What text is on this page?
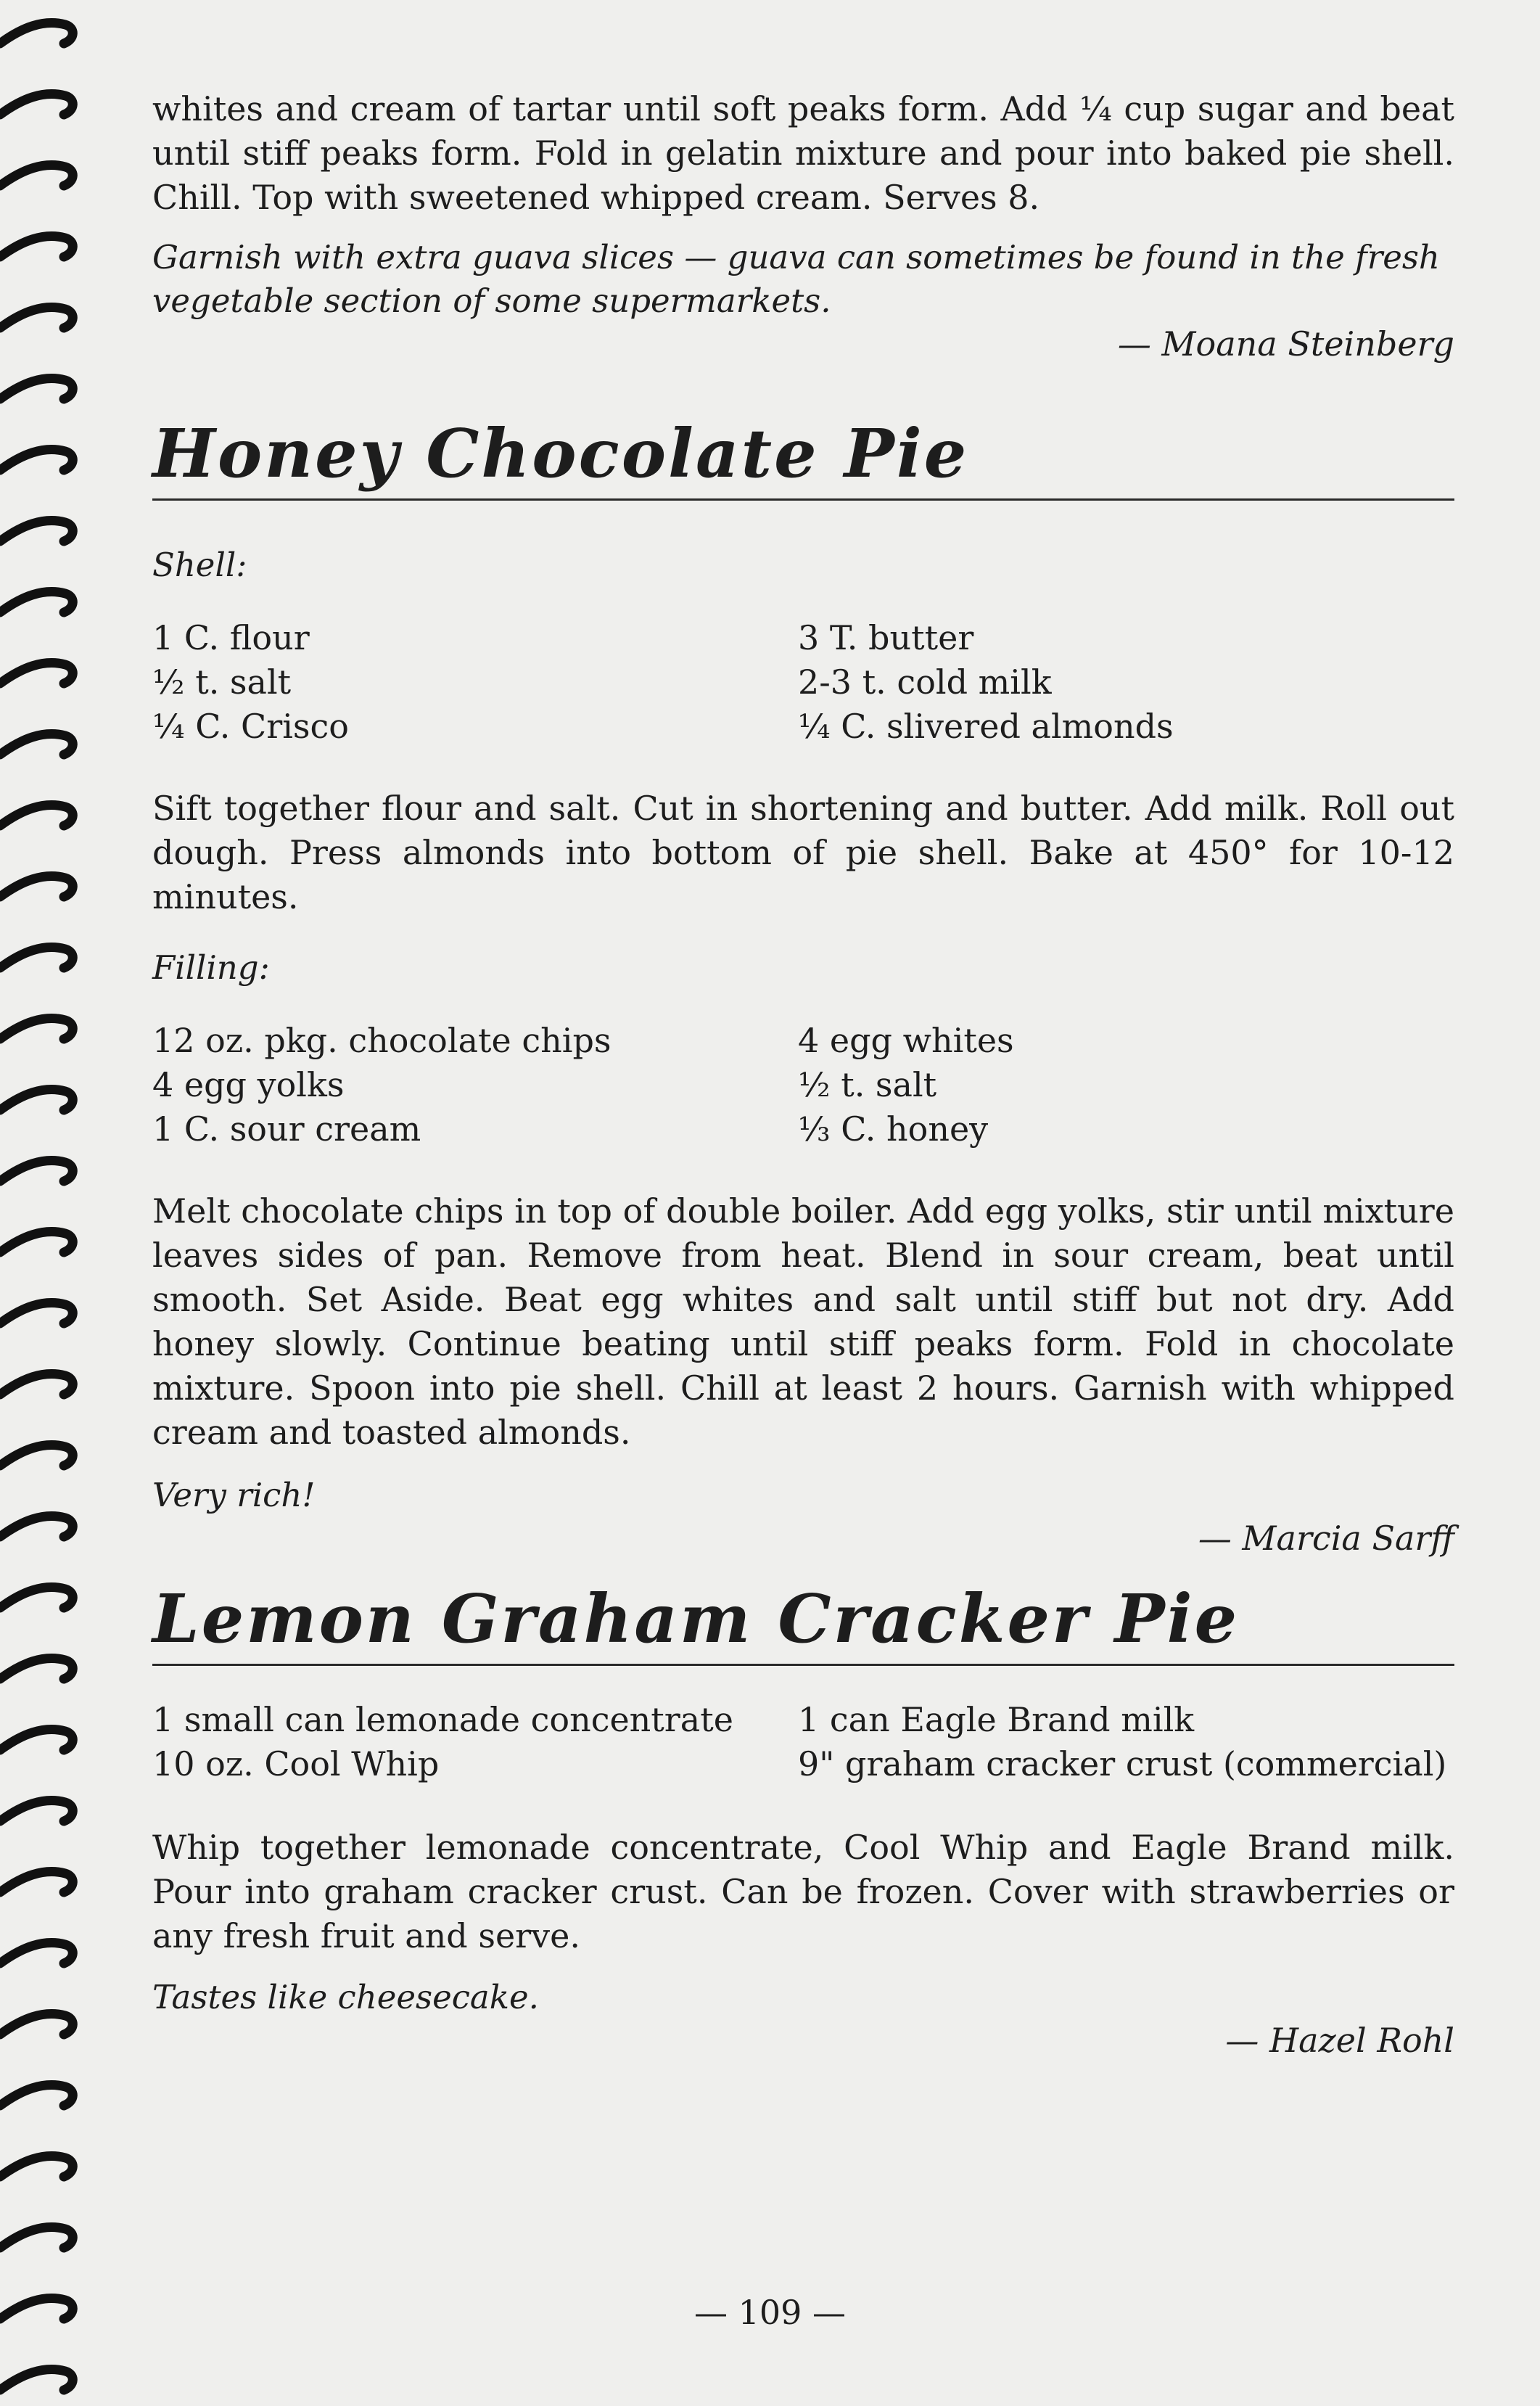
whites and cream of tartar until soft peaks form. Add ¼ cup sugar and beat until stiff peaks form. Fold in gelatin mixture and pour into baked pie shell. Chill. Top with sweetened whipped cream. Serves 8.

Garnish with extra guava slices — guava can sometimes be found in the fresh vegetable section of some supermarkets.

— Moana Steinberg

Honey Chocolate Pie

Shell:

1 C. flour	3 T. butter
½ t. salt	2-3 t. cold milk
¼ C. Crisco	¼ C. slivered almonds

Sift together flour and salt. Cut in shortening and butter. Add milk. Roll out dough. Press almonds into bottom of pie shell. Bake at 450° for 10-12 minutes.

Filling:

12 oz. pkg. chocolate chips	4 egg whites
4 egg yolks	½ t. salt
1 C. sour cream	⅓ C. honey

Melt chocolate chips in top of double boiler. Add egg yolks, stir until mixture leaves sides of pan. Remove from heat. Blend in sour cream, beat until smooth. Set Aside. Beat egg whites and salt until stiff but not dry. Add honey slowly. Continue beating until stiff peaks form. Fold in chocolate mixture. Spoon into pie shell. Chill at least 2 hours. Garnish with whipped cream and toasted almonds.

Very rich!

— Marcia Sarff

Lemon Graham Cracker Pie
1 small can lemonade concentrate	1 can Eagle Brand milk
10 oz. Cool Whip	9" graham cracker crust (commercial)

Whip together lemonade concentrate, Cool Whip and Eagle Brand milk. Pour into graham cracker crust. Can be frozen. Cover with strawberries or any fresh fruit and serve.

Tastes like cheesecake.

— Hazel Rohl

— 109 —
